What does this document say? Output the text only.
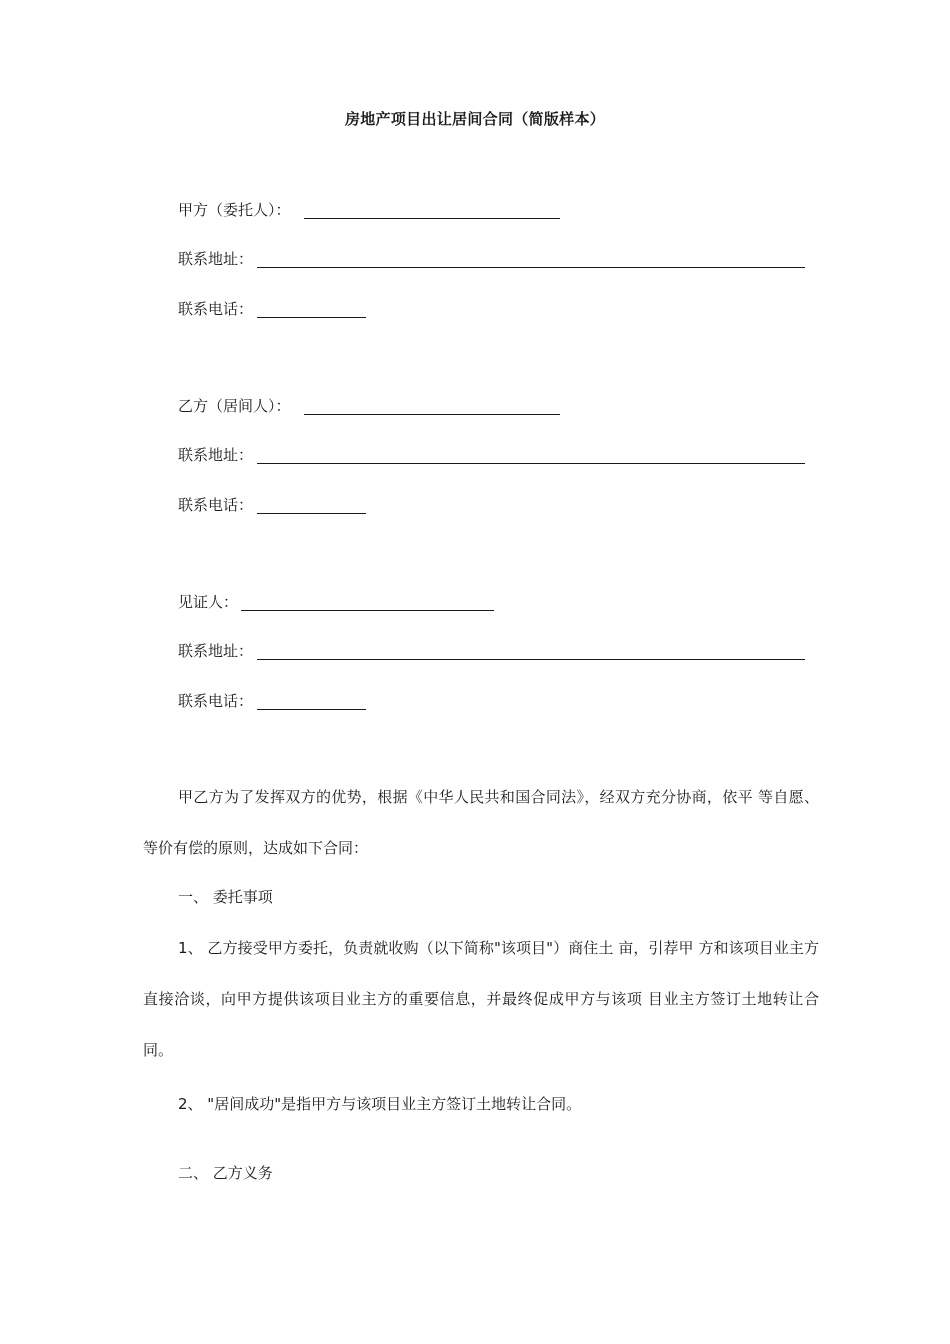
房地产项目出让居间合同（简版样本）
甲方（委托人）：
联系地址：
联系电话：
乙方（居间人）：
联系地址：
联系电话：
见证人：
联系地址：
联系电话：
甲乙方为了发挥双方的优势，根据《中华人民共和国合同法》，经双方充分协商，依平 等自愿、等价有偿的原则，达成如下合同：
一、 委托事项
1、 乙方接受甲方委托，负责就收购（以下简称"该项目"）商住土 亩，引荐甲 方和该项目业主方直接洽谈，向甲方提供该项目业主方的重要信息，并最终促成甲方与该项 目业主方签订土地转让合同。
2、 "居间成功"是指甲方与该项目业主方签订土地转让合同。
二、 乙方义务
